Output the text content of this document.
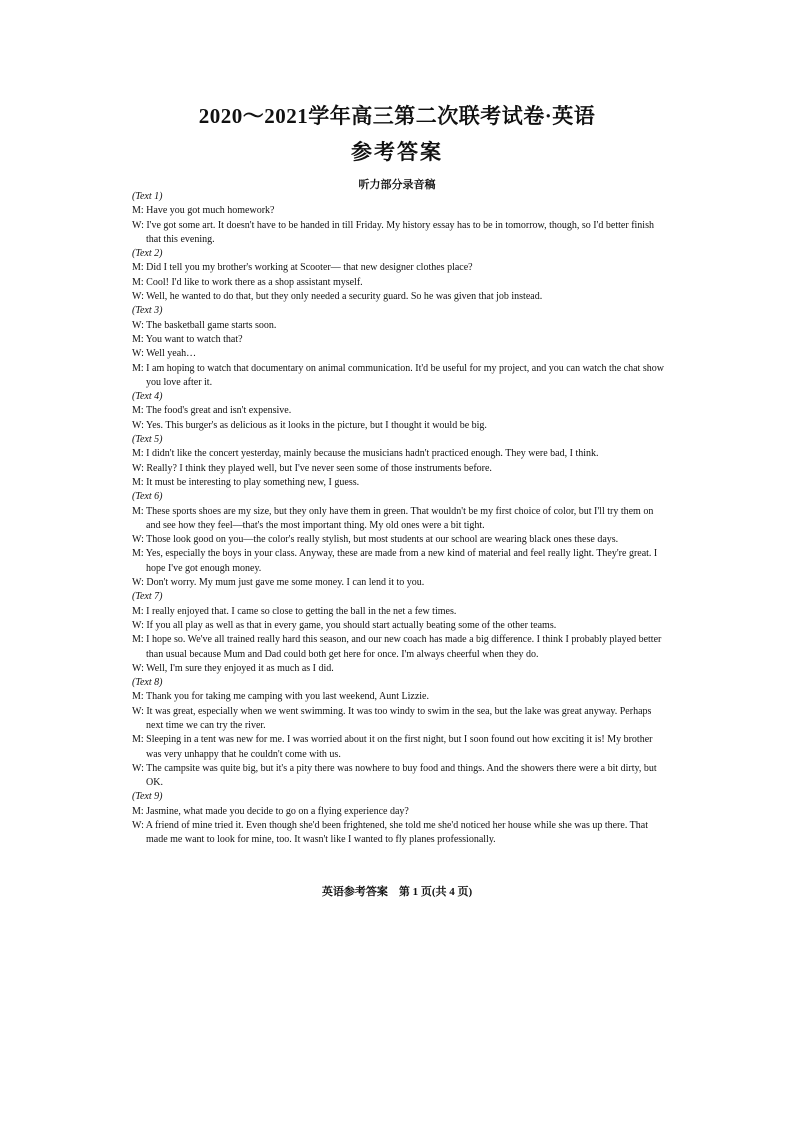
2020～2021学年高三第二次联考试卷·英语
参考答案
听力部分录音稿

(Text 1)

M: Have you got much homework?

W: I've got some art. It doesn't have to be handed in till Friday. My history essay has to be in tomorrow, though, so I'd better finish that this evening.

(Text 2)

M: Did I tell you my brother's working at Scooter— that new designer clothes place?

M: Cool! I'd like to work there as a shop assistant myself.

W: Well, he wanted to do that, but they only needed a security guard. So he was given that job instead.

(Text 3)

W: The basketball game starts soon.

M: You want to watch that?

W: Well yeah…

M: I am hoping to watch that documentary on animal communication. It'd be useful for my project, and you can watch the chat show you love after it.

(Text 4)

M: The food's great and isn't expensive.

W: Yes. This burger's as delicious as it looks in the picture, but I thought it would be big.

(Text 5)

M: I didn't like the concert yesterday, mainly because the musicians hadn't practiced enough. They were bad, I think.

W: Really? I think they played well, but I've never seen some of those instruments before.

M: It must be interesting to play something new, I guess.

(Text 6)

M: These sports shoes are my size, but they only have them in green. That wouldn't be my first choice of color, but I'll try them on and see how they feel—that's the most important thing. My old ones were a bit tight.

W: Those look good on you—the color's really stylish, but most students at our school are wearing black ones these days.

M: Yes, especially the boys in your class. Anyway, these are made from a new kind of material and feel really light. They're great. I hope I've got enough money.

W: Don't worry. My mum just gave me some money. I can lend it to you.

(Text 7)

M: I really enjoyed that. I came so close to getting the ball in the net a few times.

W: If you all play as well as that in every game, you should start actually beating some of the other teams.

M: I hope so. We've all trained really hard this season, and our new coach has made a big difference. I think I probably played better than usual because Mum and Dad could both get here for once. I'm always cheerful when they do.

W: Well, I'm sure they enjoyed it as much as I did.

(Text 8)

M: Thank you for taking me camping with you last weekend, Aunt Lizzie.

W: It was great, especially when we went swimming. It was too windy to swim in the sea, but the lake was great anyway. Perhaps next time we can try the river.

M: Sleeping in a tent was new for me. I was worried about it on the first night, but I soon found out how exciting it is! My brother was very unhappy that he couldn't come with us.

W: The campsite was quite big, but it's a pity there was nowhere to buy food and things. And the showers there were a bit dirty, but OK.

(Text 9)

M: Jasmine, what made you decide to go on a flying experience day?

W: A friend of mine tried it. Even though she'd been frightened, she told me she'd noticed her house while she was up there. That made me want to look for mine, too. It wasn't like I wanted to fly planes professionally.

英语参考答案　第 1 页(共 4 页)
